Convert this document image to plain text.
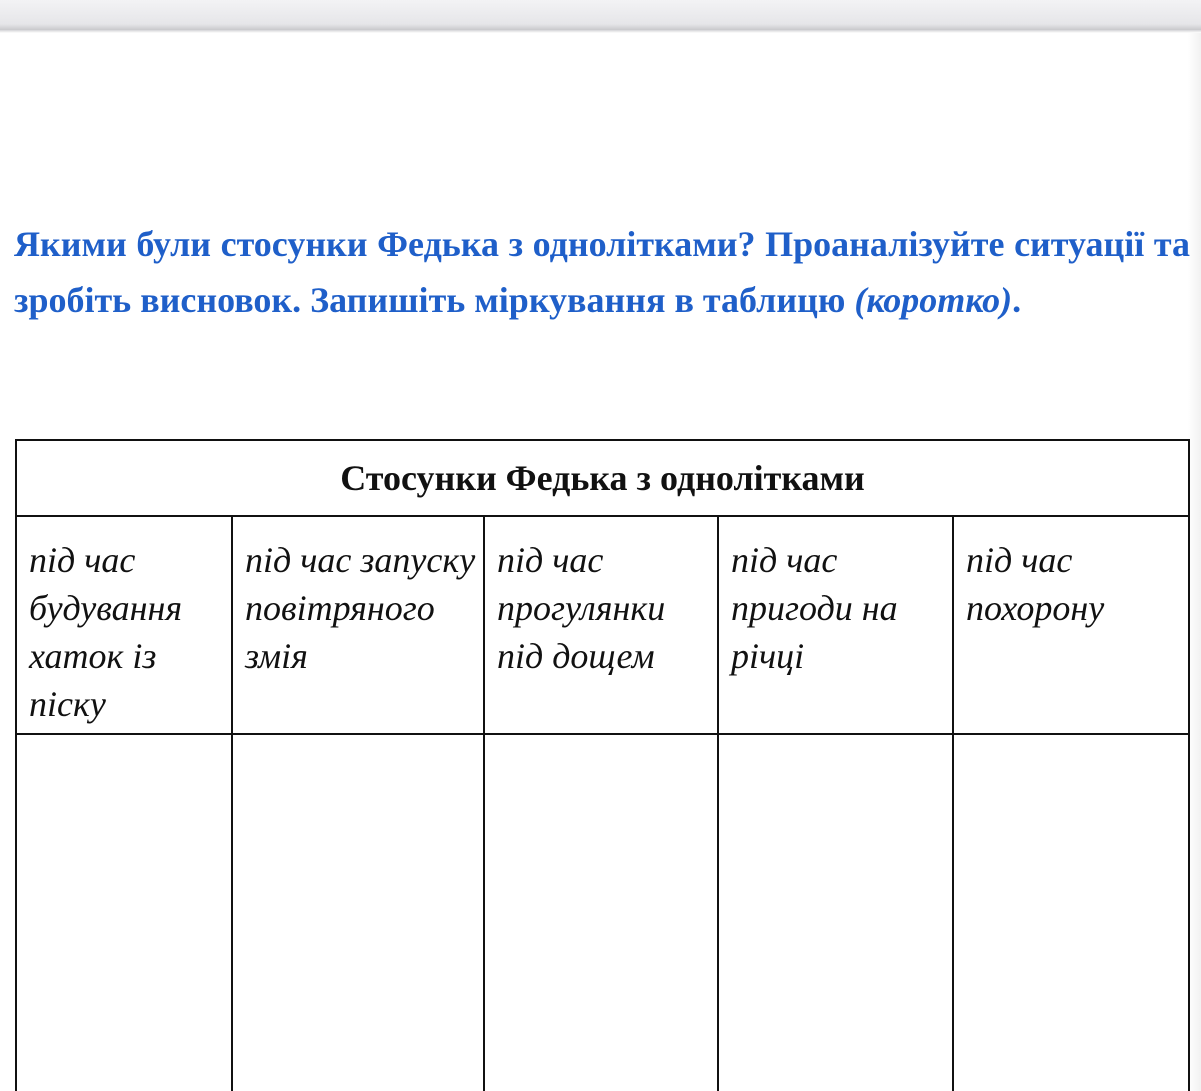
Якими були стосунки Федька з однолітками? Проаналізуйте ситуації та зробіть висновок. Запишіть міркування в таблицю (коротко).

Стосунки Федька з однолітками				
під час будування хаток із піску	під час запуску повітряного змія	під час прогулянки під дощем	під час пригоди на річці	під час похорону
